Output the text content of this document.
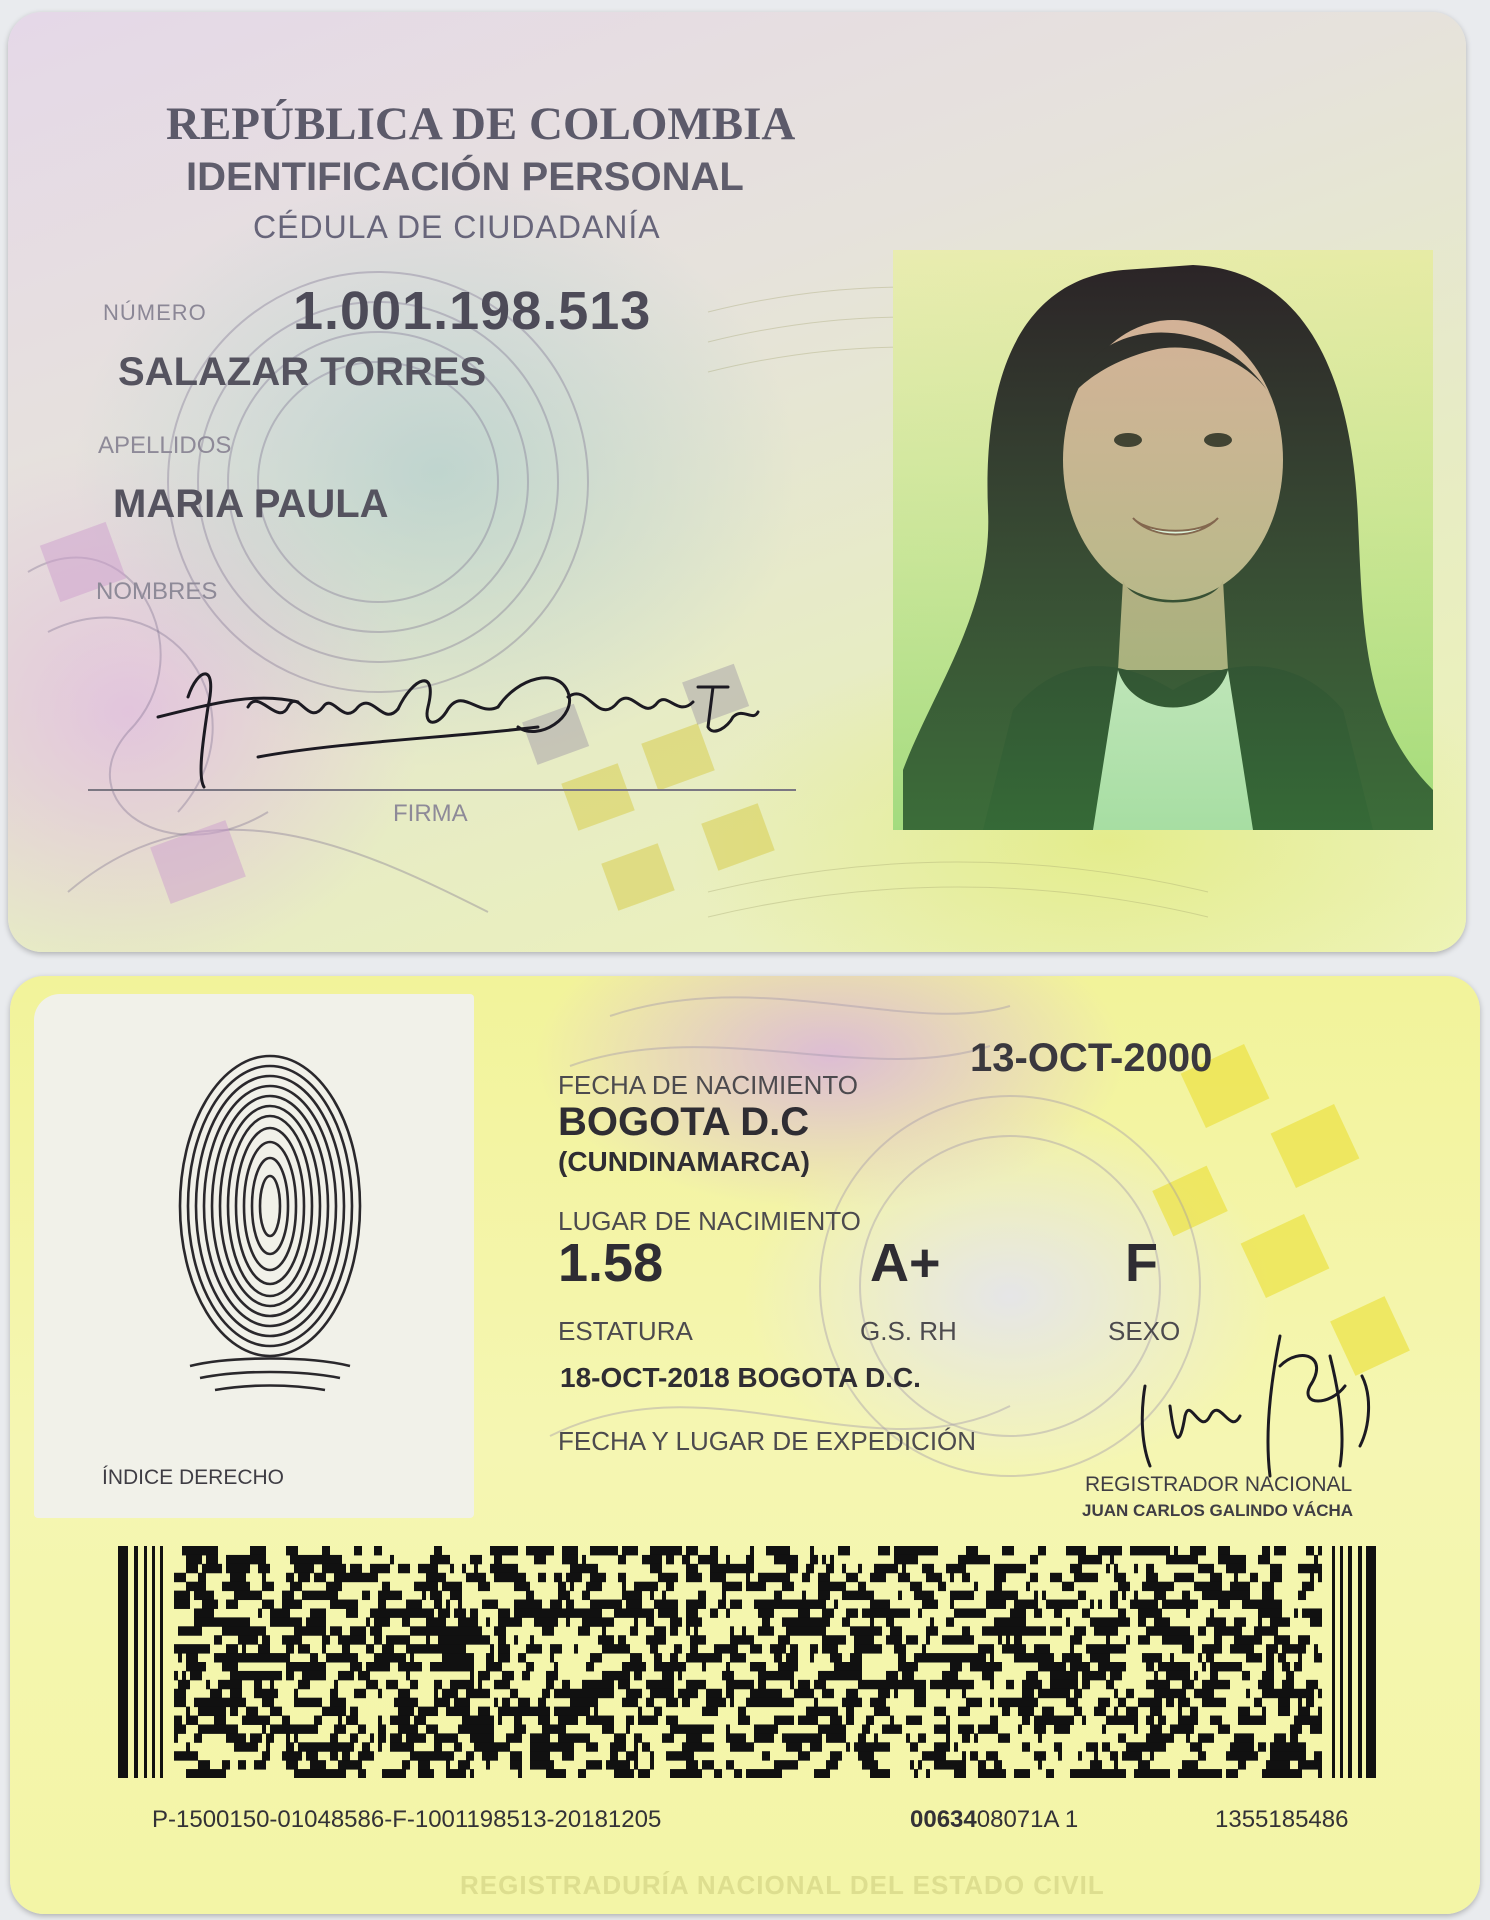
REPÚBLICA DE COLOMBIA
IDENTIFICACIÓN PERSONAL
CÉDULA DE CIUDADANÍA
NÚMERO 1.001.198.513
SALAZAR TORRES
APELLIDOS
MARIA PAULA
NOMBRES
FIRMA
ÍNDICE DERECHO
13-OCT-2000
FECHA DE NACIMIENTO
BOGOTA D.C
(CUNDINAMARCA)
LUGAR DE NACIMIENTO
1.58	A+	F
ESTATURA	G.S. RH	SEXO
18-OCT-2018 BOGOTA D.C.
FECHA Y LUGAR DE EXPEDICIÓN
REGISTRADOR NACIONAL
JUAN CARLOS GALINDO VÁCHA
P-1500150-01048586-F-1001198513-20181205	0063408071A 1	1355185486
REGISTRADURÍA NACIONAL DEL ESTADO CIVIL
